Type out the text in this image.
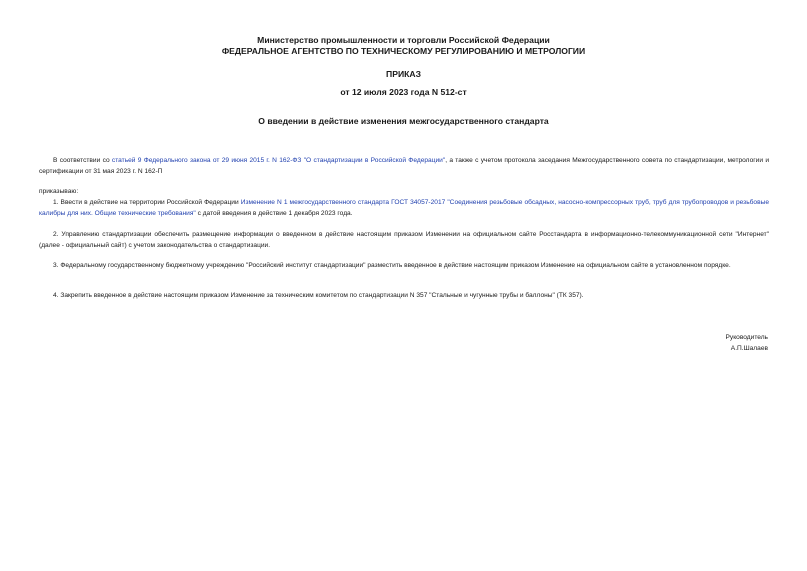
Министерство промышленности и торговли Российской Федерации
ФЕДЕРАЛЬНОЕ АГЕНТСТВО ПО ТЕХНИЧЕСКОМУ РЕГУЛИРОВАНИЮ И МЕТРОЛОГИИ
ПРИКАЗ
от 12 июля 2023 года N 512-ст
О введении в действие изменения межгосударственного стандарта
В соответствии со статьей 9 Федерального закона от 29 июня 2015 г. N 162-ФЗ "О стандартизации в Российской Федерации", а также с учетом протокола заседания Межгосударственного совета по стандартизации, метрологии и сертификации от 31 мая 2023 г. N 162-П
приказываю:
1. Ввести в действие на территории Российской Федерации Изменение N 1 межгосударственного стандарта ГОСТ 34057-2017 "Соединения резьбовые обсадных, насосно-компрессорных труб, труб для трубопроводов и резьбовые калибры для них. Общие технические требования" с датой введения в действие 1 декабря 2023 года.
2. Управлению стандартизации обеспечить размещение информации о введенном в действие настоящим приказом Изменении на официальном сайте Росстандарта в информационно-телекоммуникационной сети "Интернет" (далее - официальный сайт) с учетом законодательства о стандартизации.
3. Федеральному государственному бюджетному учреждению "Российский институт стандартизации" разместить введенное в действие настоящим приказом Изменение на официальном сайте в установленном порядке.
4. Закрепить введенное в действие настоящим приказом Изменение за техническим комитетом по стандартизации N 357 "Стальные и чугунные трубы и баллоны" (ТК 357).
Руководитель
А.П.Шалаев
